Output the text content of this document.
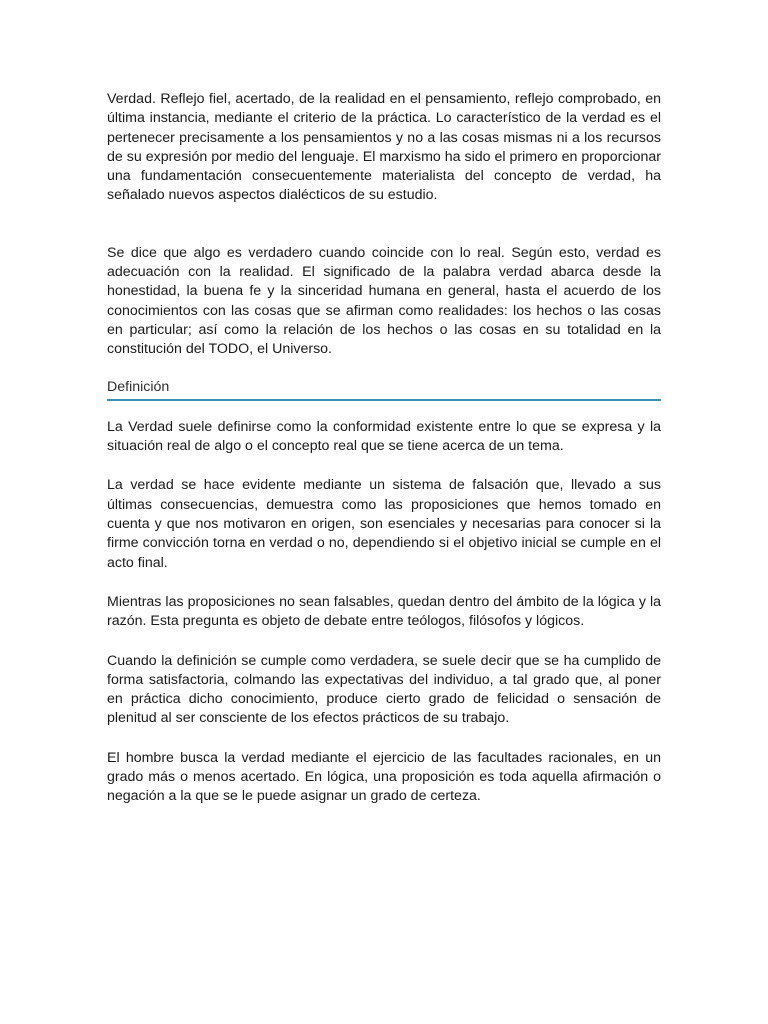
Verdad. Reflejo fiel, acertado, de la realidad en el pensamiento, reflejo comprobado, en última instancia, mediante el criterio de la práctica. Lo característico de la verdad es el pertenecer precisamente a los pensamientos y no a las cosas mismas ni a los recursos de su expresión por medio del lenguaje. El marxismo ha sido el primero en proporcionar una fundamentación consecuentemente materialista del concepto de verdad, ha señalado nuevos aspectos dialécticos de su estudio.

Se dice que algo es verdadero cuando coincide con lo real. Según esto, verdad es adecuación con la realidad. El significado de la palabra verdad abarca desde la honestidad, la buena fe y la sinceridad humana en general, hasta el acuerdo de los conocimientos con las cosas que se afirman como realidades: los hechos o las cosas en particular; así como la relación de los hechos o las cosas en su totalidad en la constitución del TODO, el Universo.

Definición

La Verdad suele definirse como la conformidad existente entre lo que se expresa y la situación real de algo o el concepto real que se tiene acerca de un tema.

La verdad se hace evidente mediante un sistema de falsación que, llevado a sus últimas consecuencias, demuestra como las proposiciones que hemos tomado en cuenta y que nos motivaron en origen, son esenciales y necesarias para conocer si la firme convicción torna en verdad o no, dependiendo si el objetivo inicial se cumple en el acto final.

Mientras las proposiciones no sean falsables, quedan dentro del ámbito de la lógica y la razón. Esta pregunta es objeto de debate entre teólogos, filósofos y lógicos.

Cuando la definición se cumple como verdadera, se suele decir que se ha cumplido de forma satisfactoria, colmando las expectativas del individuo, a tal grado que, al poner en práctica dicho conocimiento, produce cierto grado de felicidad o sensación de plenitud al ser consciente de los efectos prácticos de su trabajo.

El hombre busca la verdad mediante el ejercicio de las facultades racionales, en un grado más o menos acertado. En lógica, una proposición es toda aquella afirmación o negación a la que se le puede asignar un grado de certeza.
